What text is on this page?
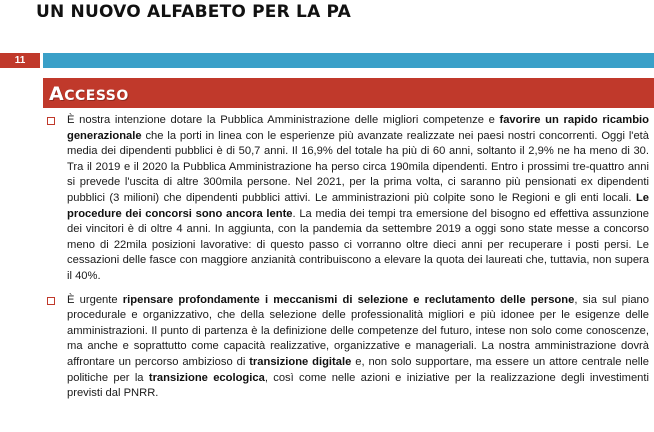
UN NUOVO ALFABETO PER LA PA
11
ACCESSO
È nostra intenzione dotare la Pubblica Amministrazione delle migliori competenze e favorire un rapido ricambio generazionale che la porti in linea con le esperienze più avanzate realizzate nei paesi nostri concorrenti. Oggi l'età media dei dipendenti pubblici è di 50,7 anni. Il 16,9% del totale ha più di 60 anni, soltanto il 2,9% ne ha meno di 30. Tra il 2019 e il 2020 la Pubblica Amministrazione ha perso circa 190mila dipendenti. Entro i prossimi tre-quattro anni si prevede l'uscita di altre 300mila persone. Nel 2021, per la prima volta, ci saranno più pensionati ex dipendenti pubblici (3 milioni) che dipendenti pubblici attivi. Le amministrazioni più colpite sono le Regioni e gli enti locali. Le procedure dei concorsi sono ancora lente. La media dei tempi tra emersione del bisogno ed effettiva assunzione dei vincitori è di oltre 4 anni. In aggiunta, con la pandemia da settembre 2019 a oggi sono state messe a concorso meno di 22mila posizioni lavorative: di questo passo ci vorranno oltre dieci anni per recuperare i posti persi. Le cessazioni delle fasce con maggiore anzianità contribuiscono a elevare la quota dei laureati che, tuttavia, non supera il 40%.
È urgente ripensare profondamente i meccanismi di selezione e reclutamento delle persone, sia sul piano procedurale e organizzativo, che della selezione delle professionalità migliori e più idonee per le esigenze delle amministrazioni. Il punto di partenza è la definizione delle competenze del futuro, intese non solo come conoscenze, ma anche e soprattutto come capacità realizzative, organizzative e manageriali. La nostra amministrazione dovrà affrontare un percorso ambizioso di transizione digitale e, non solo supportare, ma essere un attore centrale nelle politiche per la transizione ecologica, così come nelle azioni e iniziative per la realizzazione degli investimenti previsti dal PNRR.
